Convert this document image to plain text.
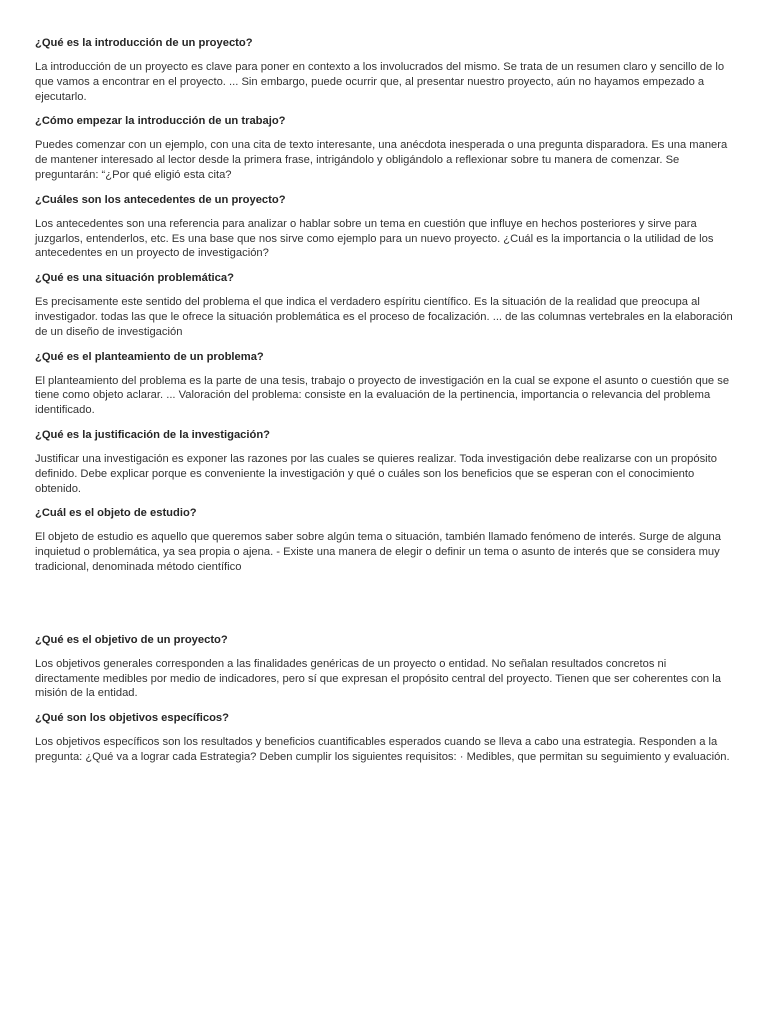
¿Qué es la introducción de un proyecto?

La introducción de un proyecto es clave para poner en contexto a los involucrados del mismo. Se trata de un resumen claro y sencillo de lo que vamos a encontrar en el proyecto. ... Sin embargo, puede ocurrir que, al presentar nuestro proyecto, aún no hayamos empezado a ejecutarlo.

¿Cómo empezar la introducción de un trabajo?

Puedes comenzar con un ejemplo, con una cita de texto interesante, una anécdota inesperada o una pregunta disparadora. Es una manera de mantener interesado al lector desde la primera frase, intrigándolo y obligándolo a reflexionar sobre tu manera de comenzar. Se preguntarán: “¿Por qué eligió esta cita?

¿Cuáles son los antecedentes de un proyecto?

Los antecedentes son una referencia para analizar o hablar sobre un tema en cuestión que influye en hechos posteriores y sirve para juzgarlos, entenderlos, etc. Es una base que nos sirve como ejemplo para un nuevo proyecto. ¿Cuál es la importancia o la utilidad de los antecedentes en un proyecto de investigación?

¿Qué es una situación problemática?

Es precisamente este sentido del problema el que indica el verdadero espíritu científico. Es la situación de la realidad que preocupa al investigador. todas las que le ofrece la situación problemática es el proceso de focalización. ... de las columnas vertebrales en la elaboración de un diseño de investigación

¿Qué es el planteamiento de un problema?

El planteamiento del problema es la parte de una tesis, trabajo o proyecto de investigación en la cual se expone el asunto o cuestión que se tiene como objeto aclarar. ... Valoración del problema: consiste en la evaluación de la pertinencia, importancia o relevancia del problema identificado.

¿Qué es la justificación de la investigación?

Justificar una investigación es exponer las razones por las cuales se quieres realizar. Toda investigación debe realizarse con un propósito definido. Debe explicar porque es conveniente la investigación y qué o cuáles son los beneficios que se esperan con el conocimiento obtenido.

¿Cuál es el objeto de estudio?

El objeto de estudio es aquello que queremos saber sobre algún tema o situación, también llamado fenómeno de interés. Surge de alguna inquietud o problemática, ya sea propia o ajena. - Existe una manera de elegir o definir un tema o asunto de interés que se considera muy tradicional, denominada método científico

¿Qué es el objetivo de un proyecto?

Los objetivos generales corresponden a las finalidades genéricas de un proyecto o entidad. No señalan resultados concretos ni directamente medibles por medio de indicadores, pero sí que expresan el propósito central del proyecto. Tienen que ser coherentes con la misión de la entidad.

¿Qué son los objetivos específicos?

Los objetivos específicos son los resultados y beneficios cuantificables esperados cuando se lleva a cabo una estrategia. Responden a la pregunta: ¿Qué va a lograr cada Estrategia? Deben cumplir los siguientes requisitos: · Medibles, que permitan su seguimiento y evaluación.
